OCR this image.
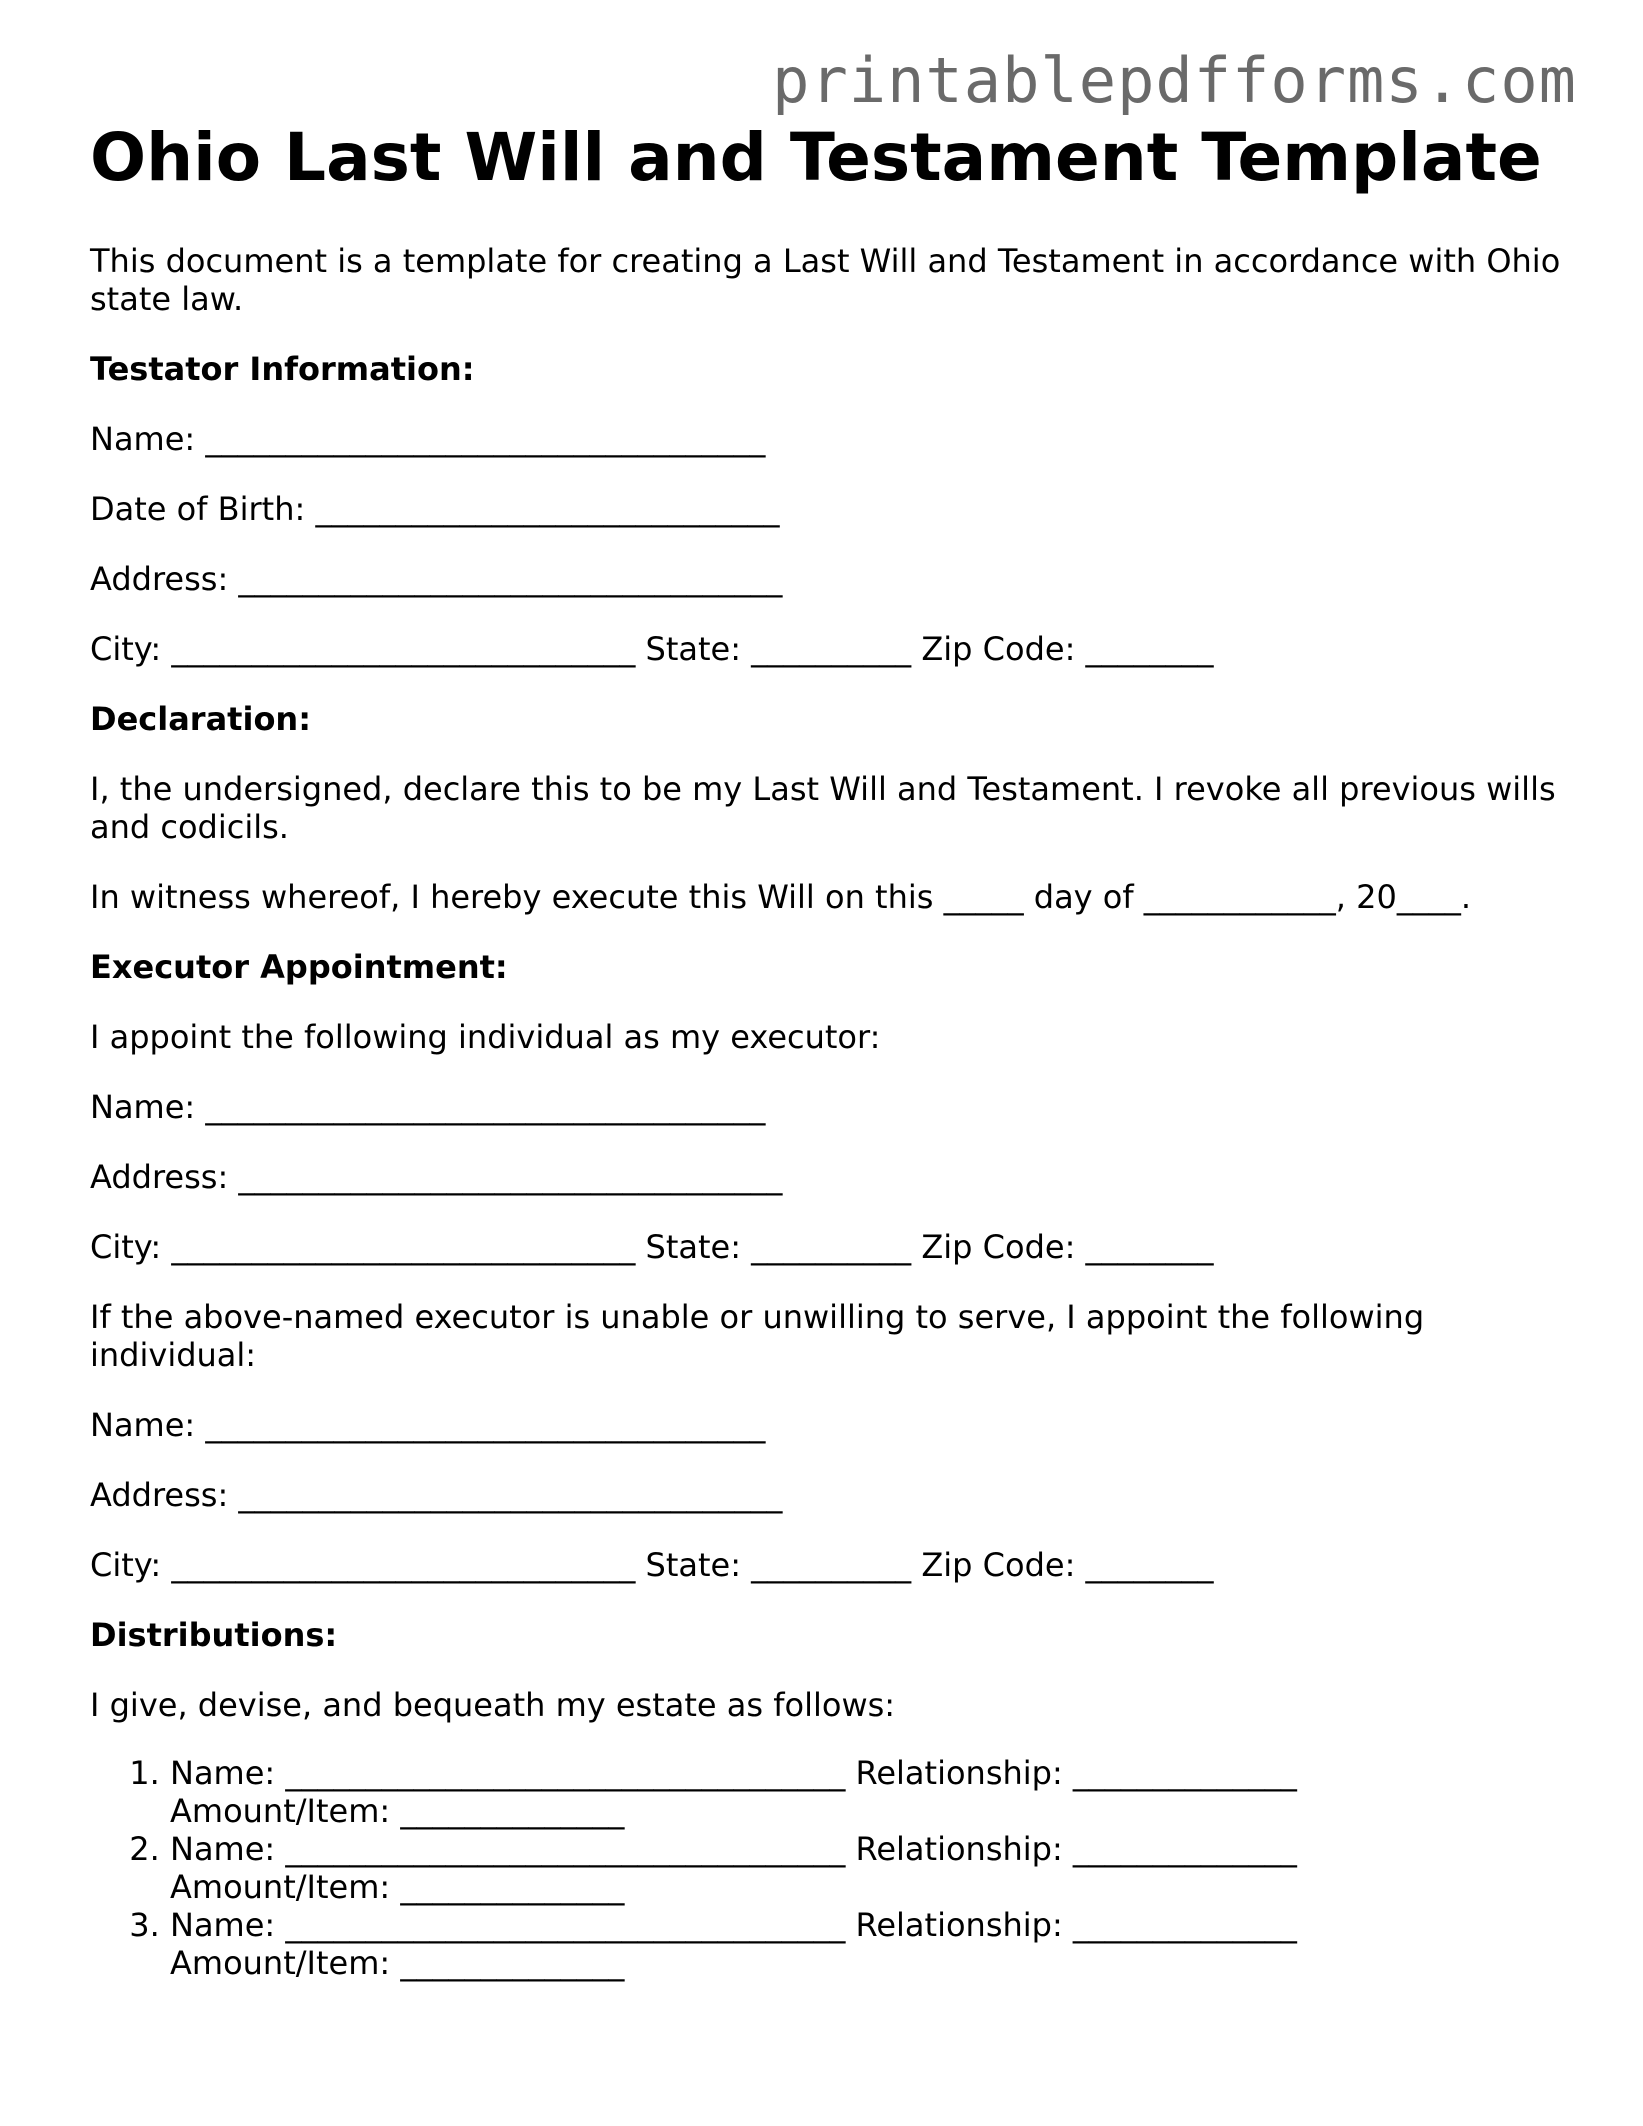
printablepdfforms.com
Ohio Last Will and Testament Template

This document is a template for creating a Last Will and Testament in accordance with Ohio state law.

Testator Information:

Name: ___________________________________

Date of Birth: _____________________________

Address: __________________________________

City: _____________________________ State: __________ Zip Code: ________

Declaration:

I, the undersigned, declare this to be my Last Will and Testament. I revoke all previous wills and codicils.

In witness whereof, I hereby execute this Will on this _____ day of ____________, 20____.

Executor Appointment:

I appoint the following individual as my executor:

Name: ___________________________________

Address: __________________________________

City: _____________________________ State: __________ Zip Code: ________

If the above-named executor is unable or unwilling to serve, I appoint the following individual:

Name: ___________________________________

Address: __________________________________

City: _____________________________ State: __________ Zip Code: ________

Distributions:

I give, devise, and bequeath my estate as follows:

1. Name: ___________________________________ Relationship: ______________
Amount/Item: ______________
2. Name: ___________________________________ Relationship: ______________
Amount/Item: ______________
3. Name: ___________________________________ Relationship: ______________
Amount/Item: ______________
